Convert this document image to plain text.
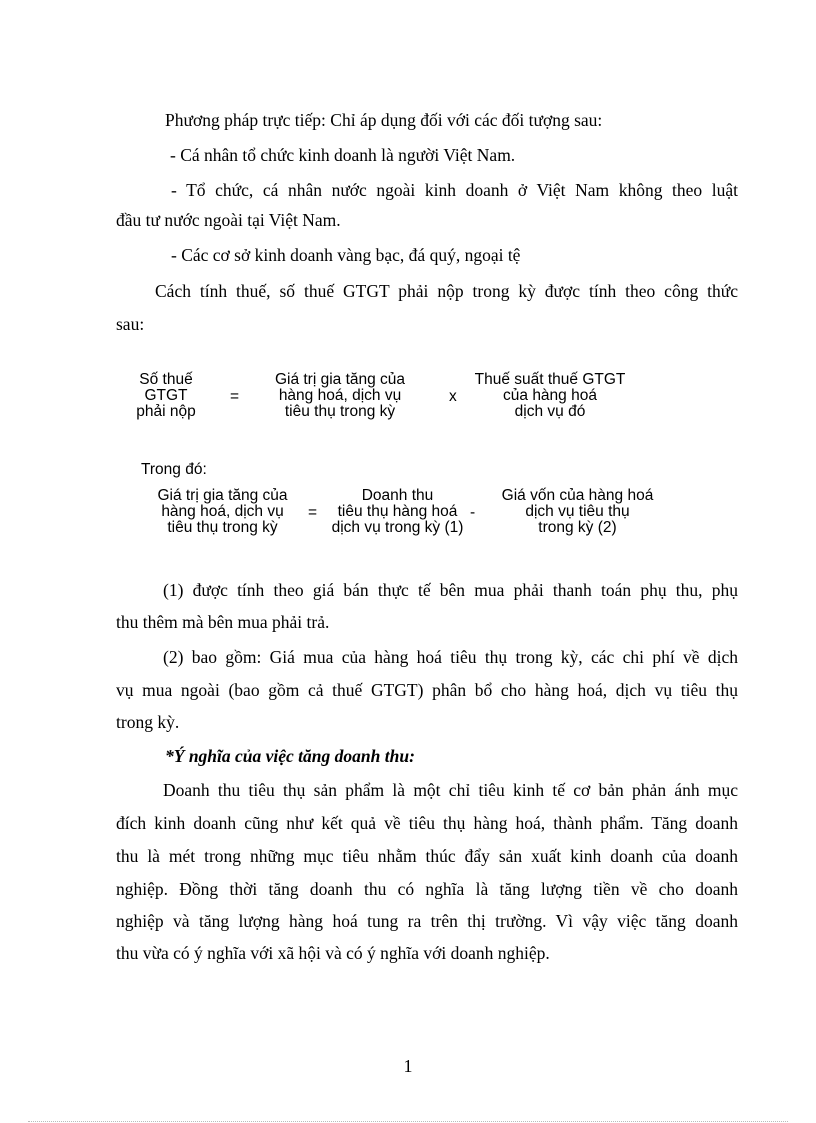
Phương pháp trực tiếp: Chỉ áp dụng đối với các đối tượng sau:
- Cá nhân tổ chức kinh doanh là người Việt Nam.
- Tổ chức, cá nhân nước ngoài kinh doanh ở Việt Nam không theo luật
đầu tư nước ngoài tại Việt Nam.
- Các cơ sở kinh doanh vàng bạc, đá quý, ngoại tệ
Cách tính thuế, số thuế GTGT phải nộp trong kỳ được tính theo công thức
sau:
Số thuế
GTGT
phải nộp
=
Giá trị gia tăng của
hàng hoá, dịch vụ
tiêu thụ trong kỳ
x
Thuế suất thuế GTGT
của hàng hoá
dịch vụ đó
Trong đó:
Giá trị gia tăng của
hàng hoá, dịch vụ
tiêu thụ trong kỳ
=
Doanh thu
tiêu thụ hàng hoá
dịch vụ trong kỳ (1)
-
Giá vốn của hàng hoá
dịch vụ tiêu thụ
trong kỳ (2)
(1) được tính theo giá bán thực tế bên mua phải thanh toán phụ thu, phụ
thu thêm mà bên mua phải trả.
(2) bao gồm: Giá mua của hàng hoá tiêu thụ trong kỳ, các chi phí về dịch
vụ mua ngoài (bao gồm cả thuế GTGT) phân bổ cho hàng hoá, dịch vụ tiêu thụ
trong kỳ.
*Ý nghĩa của việc tăng doanh thu:
Doanh thu tiêu thụ sản phẩm là một chỉ tiêu kinh tế cơ bản phản ánh mục
đích kinh doanh cũng như kết quả về tiêu thụ hàng hoá, thành phẩm. Tăng doanh
thu là mét trong những mục tiêu nhằm thúc đẩy sản xuất kinh doanh của doanh
nghiệp. Đồng thời tăng doanh thu có nghĩa là tăng lượng tiền về cho doanh
nghiệp và tăng lượng hàng hoá tung ra trên thị trường. Vì vậy việc tăng doanh
thu vừa có ý nghĩa với xã hội và có ý nghĩa với doanh nghiệp.
1
